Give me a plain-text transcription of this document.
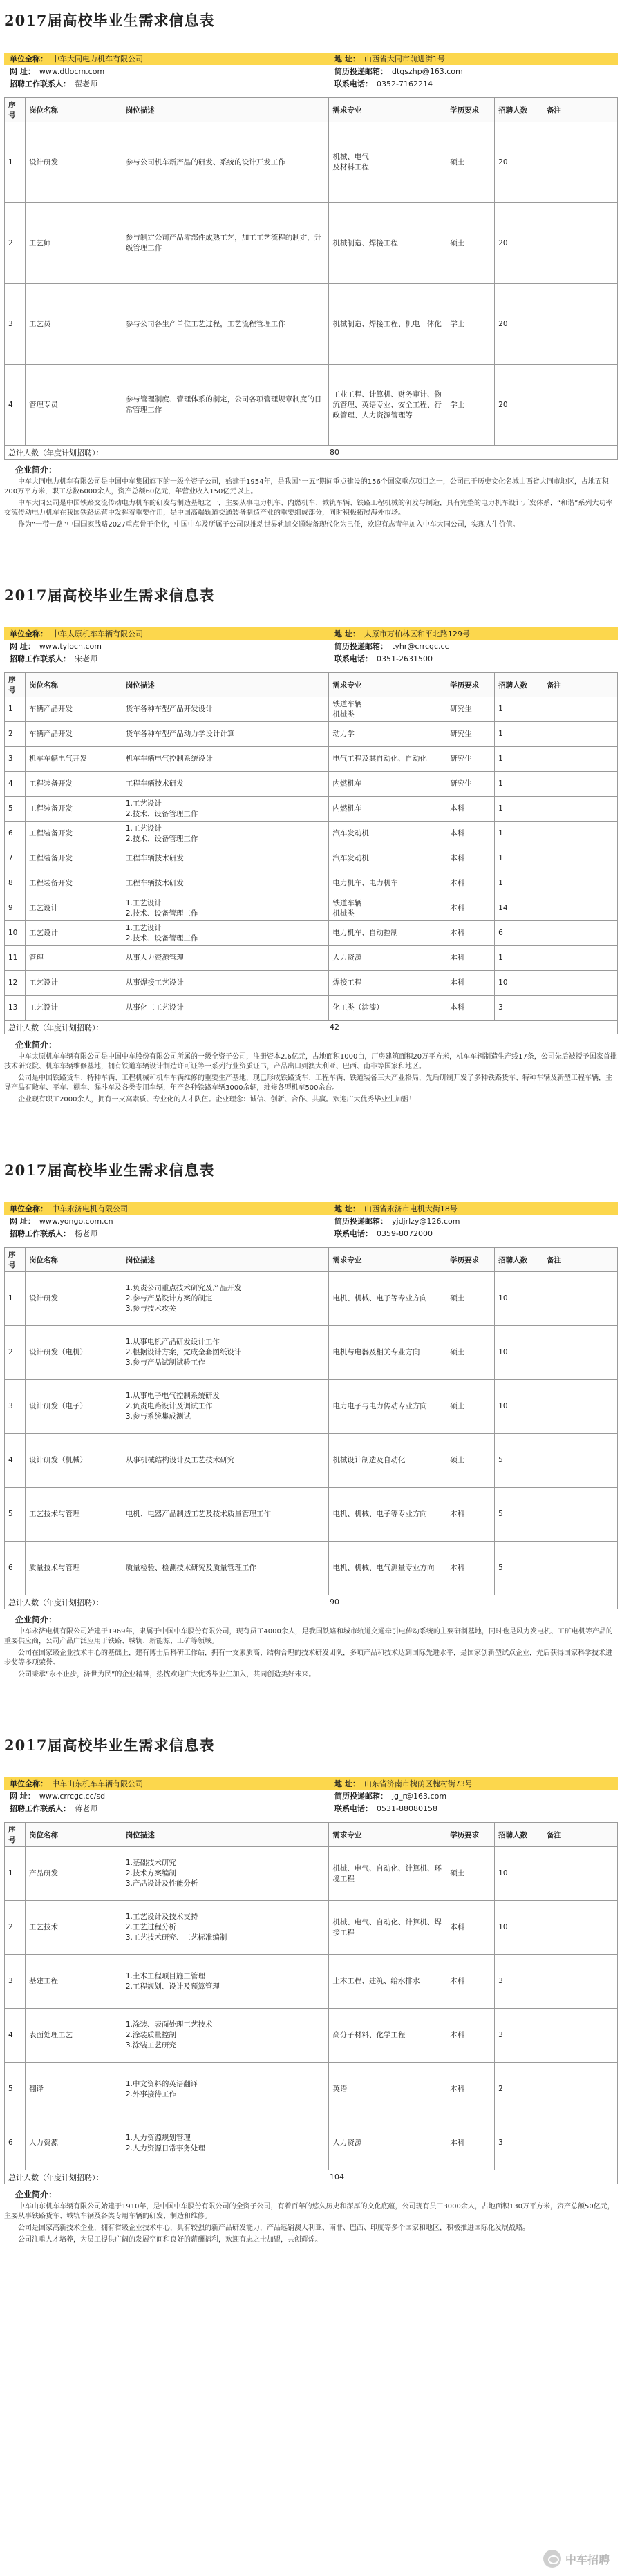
2017届高校毕业生需求信息表
单位全称： 中车大同电力机车有限公司	地 址： 山西省大同市前进街1号
网 址： www.dtlocm.com	简历投递邮箱： dtgszhp@163.com
招聘工作联系人： 翟老师	联系电话： 0352-7162214
序号	岗位名称	岗位描述	需求专业	学历要求	招聘人数	备注
1	设计研发	参与公司机车新产品的研发、系统的设计开发工作	机械、电气
及材料工程	硕士	20	
2	工艺师	参与制定公司产品零部件成熟工艺，加工工艺流程的制定，升级管理工作	机械制造、焊接工程	硕士	20	
3	工艺员	参与公司各生产单位工艺过程，工艺流程管理工作	机械制造、焊接工程、机电一体化	学士	20	
4	管理专员	参与管理制度、管理体系的制定，公司各项管理规章制度的日常管理工作	工业工程、计算机、财务审计、物流管理、英语专业、安全工程、行政管理、人力资源管理等	学士	20	
总计人数（年度计划招聘）：	80
企业简介：

中车大同电力机车有限公司是中国中车集团旗下的一级全资子公司，始建于1954年，是我国“一五”期间重点建设的156个国家重点项目之一，公司已于历史文化名城山西省大同市地区，占地面积200万平方米，职工总数6000余人，资产总额60亿元，年营业收入150亿元以上。

中车大同公司是中国铁路交流传动电力机车的研发与制造基地之一，主要从事电力机车、内燃机车、城轨车辆、铁路工程机械的研发与制造，具有完整的电力机车设计开发体系，“和谐”系列大功率交流传动电力机车在我国铁路运营中发挥着重要作用，是中国高端轨道交通装备制造产业的重要组成部分，同时积极拓展海外市场。

作为“一带一路”中国国家战略2027重点骨干企业，中国中车及所属子公司以推动世界轨道交通装备现代化为己任，欢迎有志青年加入中车大同公司，实现人生价值。

2017届高校毕业生需求信息表
单位全称： 中车太原机车车辆有限公司	地 址： 太原市万柏林区和平北路129号
网 址： www.tylocn.com	简历投递邮箱： tyhr@crrcgc.cc
招聘工作联系人： 宋老师	联系电话： 0351-2631500
序号	岗位名称	岗位描述	需求专业	学历要求	招聘人数	备注
1	车辆产品开发	货车各种车型产品开发设计	铁道车辆
机械类	研究生	1	
2	车辆产品开发	货车各种车型产品动力学设计计算	动力学	研究生	1	
3	机车车辆电气开发	机车车辆电气控制系统设计	电气工程及其自动化、自动化	研究生	1	
4	工程装备开发	工程车辆技术研发	内燃机车	研究生	1	
5	工程装备开发	1.工艺设计
2.技术、设备管理工作	内燃机车	本科	1	
6	工程装备开发	1.工艺设计
2.技术、设备管理工作	汽车发动机	本科	1	
7	工程装备开发	工程车辆技术研发	汽车发动机	本科	1	
8	工程装备开发	工程车辆技术研发	电力机车、电力机车	本科	1	
9	工艺设计	1.工艺设计
2.技术、设备管理工作	铁道车辆
机械类	本科	14	
10	工艺设计	1.工艺设计
2.技术、设备管理工作	电力机车、自动控制	本科	6	
11	管理	从事人力资源管理	人力资源	本科	1	
12	工艺设计	从事焊接工艺设计	焊接工程	本科	10	
13	工艺设计	从事化工工艺设计	化工类（涂漆）	本科	3	
总计人数（年度计划招聘）：	42
企业简介：

中车太原机车车辆有限公司是中国中车股份有限公司所属的一级全资子公司，注册资本2.6亿元，占地面积1000亩，厂房建筑面积20万平方米，机车车辆制造生产线17条，公司先后被授予国家首批技术研究院、机车车辆维修基地，拥有铁道车辆设计制造许可证等一系列行业资质证书，产品出口到澳大利亚、巴西、南非等国家和地区。

公司是中国铁路货车、特种车辆、工程机械和机车车辆维修的重要生产基地，现已形成铁路货车、工程车辆、铁道装备三大产业格局，先后研制开发了多种铁路货车、特种车辆及新型工程车辆，主导产品有敞车、平车、棚车、漏斗车及各类专用车辆，年产各种铁路车辆3000余辆，维修各型机车500余台。

企业现有职工2000余人，拥有一支高素质、专业化的人才队伍。企业理念：诚信、创新、合作、共赢。欢迎广大优秀毕业生加盟！

2017届高校毕业生需求信息表
单位全称： 中车永济电机有限公司	地 址： 山西省永济市电机大街18号
网 址： www.yongo.com.cn	简历投递邮箱： yjdjrlzy@126.com
招聘工作联系人： 杨老师	联系电话： 0359-8072000
序号	岗位名称	岗位描述	需求专业	学历要求	招聘人数	备注
1	设计研发	1.负责公司重点技术研究及产品开发
2.参与产品设计方案的制定
3.参与技术攻关	电机、机械、电子等专业方向	硕士	10	
2	设计研发（电机）	1.从事电机产品研发设计工作
2.根据设计方案，完成全套图纸设计
3.参与产品试制试验工作	电机与电器及相关专业方向	硕士	10	
3	设计研发（电子）	1.从事电子电气控制系统研发
2.负责电路设计及调试工作
3.参与系统集成测试	电力电子与电力传动专业方向	硕士	10	
4	设计研发（机械）	从事机械结构设计及工艺技术研究	机械设计制造及自动化	硕士	5	
5	工艺技术与管理	电机、电器产品制造工艺及技术质量管理工作	电机、机械、电子等专业方向	本科	5	
6	质量技术与管理	质量检验、检测技术研究及质量管理工作	电机、机械、电气测量专业方向	本科	5	
总计人数（年度计划招聘）：	90
企业简介：

中车永济电机有限公司始建于1969年，隶属于中国中车股份有限公司，现有员工4000余人，是我国铁路和城市轨道交通牵引电传动系统的主要研制基地，同时也是风力发电机、工矿电机等产品的重要供应商，公司产品广泛应用于铁路、城轨、新能源、工矿等领域。

公司在国家级企业技术中心的基础上，建有博士后科研工作站，拥有一支素质高、结构合理的技术研发团队，多项产品和技术达到国际先进水平，是国家创新型试点企业，先后获得国家科学技术进步奖等多项荣誉。

公司秉承“永不止步，济世为民”的企业精神，热忱欢迎广大优秀毕业生加入，共同创造美好未来。

2017届高校毕业生需求信息表
单位全称： 中车山东机车车辆有限公司	地 址： 山东省济南市槐荫区槐村街73号
网 址： www.crrcgc.cc/sd	简历投递邮箱： jg_r@163.com
招聘工作联系人： 蒋老师	联系电话： 0531-88080158
序号	岗位名称	岗位描述	需求专业	学历要求	招聘人数	备注
1	产品研发	1.基础技术研究
2.技术方案编制
3.产品设计及性能分析	机械、电气、自动化、计算机、环境工程	硕士	10	
2	工艺技术	1.工艺设计及技术支持
2.工艺过程分析
3.工艺技术研究、工艺标准编制	机械、电气、自动化、计算机、焊接工程	本科	10	
3	基建工程	1.土木工程项目施工管理
2.工程规划、设计及预算管理	土木工程、建筑、给水排水	本科	3	
4	表面处理工艺	1.涂装、表面处理工艺技术
2.涂装质量控制
3.涂装工艺研究	高分子材料、化学工程	本科	3	
5	翻译	1.中文资料的英语翻译
2.外事接待工作	英语	本科	2	
6	人力资源	1.人力资源规划管理
2.人力资源日常事务处理	人力资源	本科	3	
总计人数（年度计划招聘）：	104
企业简介：

中车山东机车车辆有限公司始建于1910年，是中国中车股份有限公司的全资子公司，有着百年的悠久历史和深厚的文化底蕴，公司现有员工3000余人，占地面积130万平方米，资产总额50亿元，主要从事铁路货车、城轨车辆及各类专用车辆的研发、制造和维修。

公司是国家高新技术企业，拥有省级企业技术中心，具有较强的新产品研发能力，产品远销澳大利亚、南非、巴西、印度等多个国家和地区，积极推进国际化发展战略。

公司注重人才培养，为员工提供广阔的发展空间和良好的薪酬福利，欢迎有志之士加盟，共创辉煌。

中车招聘
